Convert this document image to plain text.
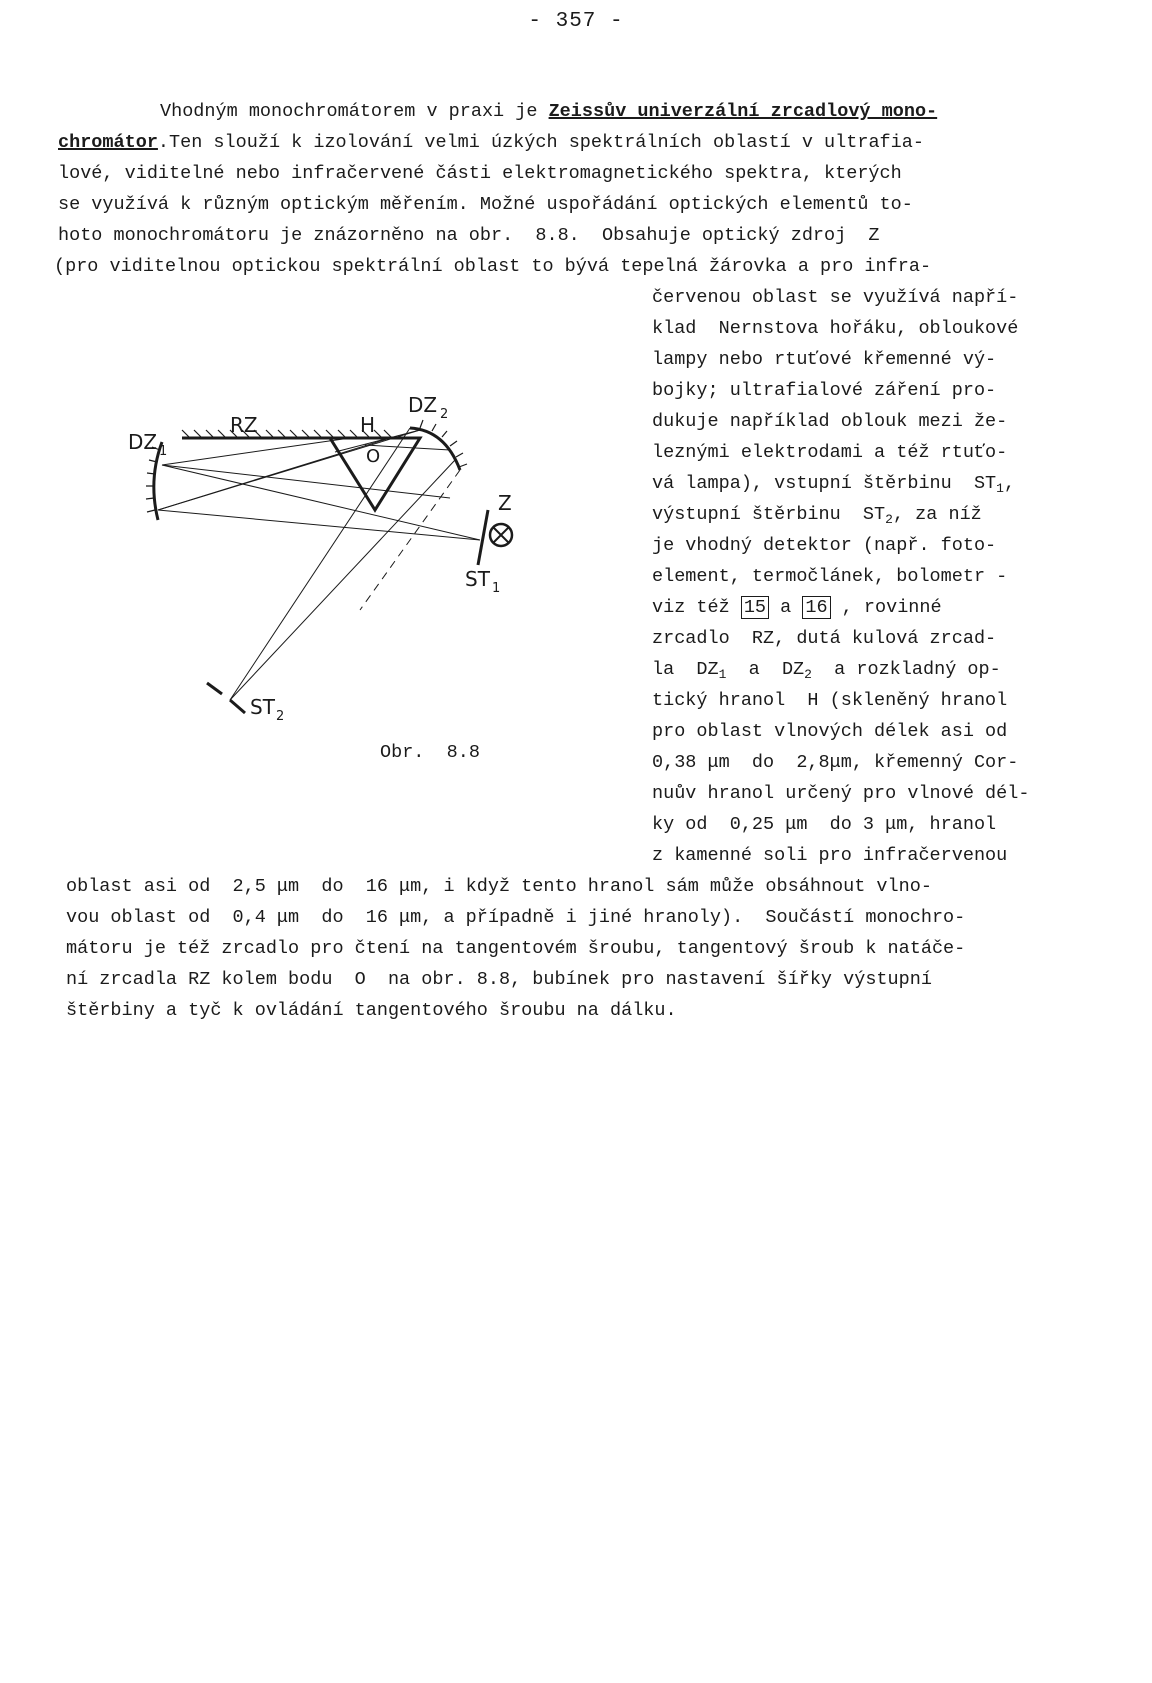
- 357 -
Vhodným monochromátorem v praxi je Zeissův univerzální zrcadlový mono-
chromátor.Ten slouží k izolování velmi úzkých spektrálních oblastí v ultrafia-
lové, viditelné nebo infračervené části elektromagnetického spektra, kterých
se využívá k různým optickým měřením. Možné uspořádání optických elementů to-
hoto monochromátoru je znázorněno na obr.  8.8.  Obsahuje optický zdroj  Z
(pro viditelnou optickou spektrální oblast to bývá tepelná žárovka a pro infra-
červenou oblast se využívá napří-
klad  Nernstova hořáku, obloukové
lampy nebo rtuťové křemenné vý-
bojky; ultrafialové záření pro-
dukuje například oblouk mezi že-
leznými elektrodami a též rtuťo-
vá lampa), vstupní štěrbinu  $ST_1$,
výstupní štěrbinu  $ST_2$, za níž
je vhodný detektor (např. foto-
element, termočlánek, bolometr -
viz též 15 a 16 , rovinné
zrcadlo  RZ, dutá kulová zrcad-
la  $DZ_1$  a  $DZ_2$  a rozkladný op-
tický hranol  H (skleněný hranol
pro oblast vlnových délek asi od
0,38 μm  do  2,8μm, křemenný Cor-
nuův hranol určený pro vlnové dél-
ky od  0,25 μm  do 3 μm, hranol
z kamenné soli pro infračervenou
oblast asi od  2,5 μm  do  16 μm, i když tento hranol sám může obsáhnout vlno-
vou oblast od  0,4 μm  do  16 μm, a případně i jiné hranoly).  Součástí monochro-
mátoru je též zrcadlo pro čtení na tangentovém šroubu, tangentový šroub k natáče-
ní zrcadla RZ kolem bodu  O  na obr. 8.8, bubínek pro nastavení šířky výstupní
štěrbiny a tyč k ovládání tangentového šroubu na dálku.
RZ	H
O
DZ 1
DZ 2
Z
ST 1
ST 2
Obr.  8.8
